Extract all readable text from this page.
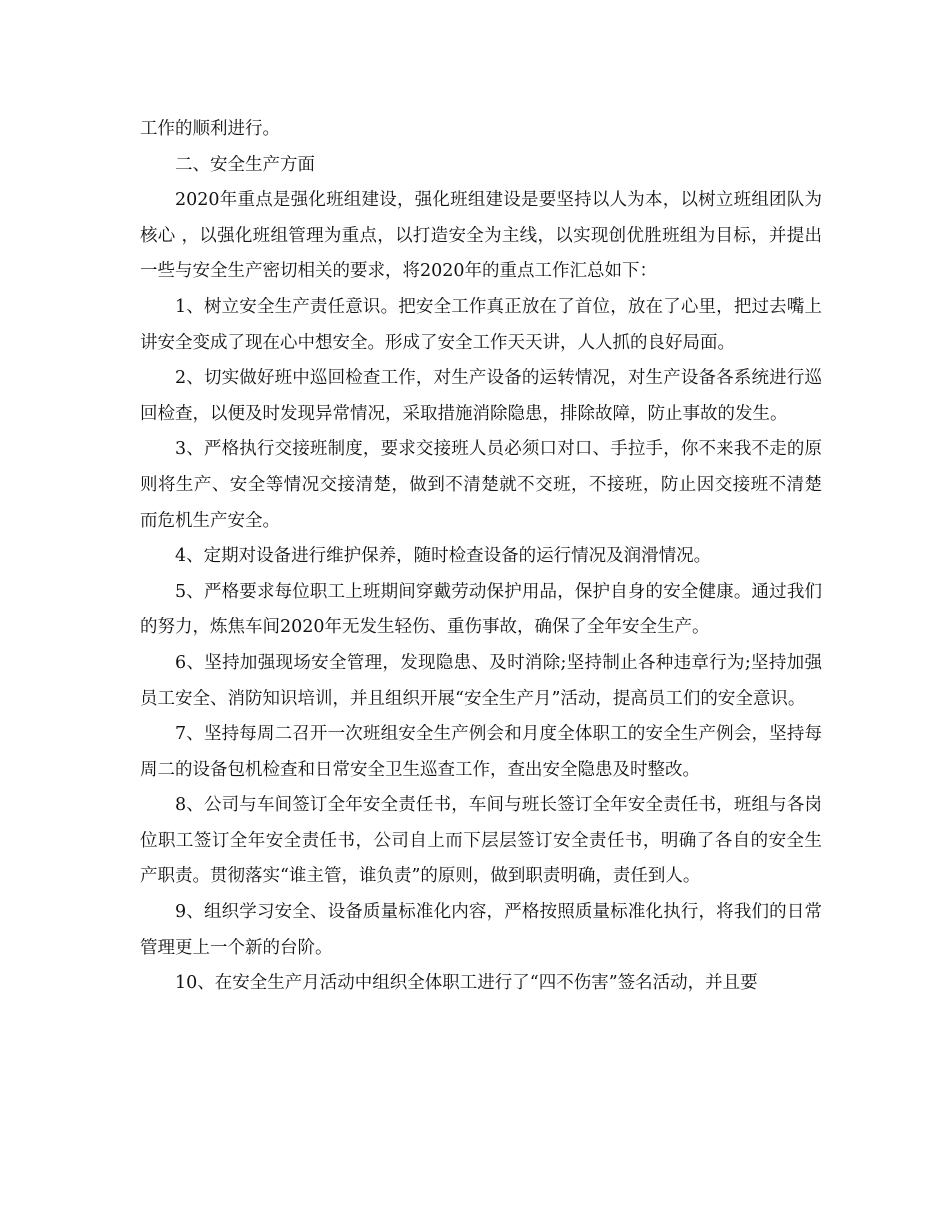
工作的顺利进行。

二、安全生产方面

2020年重点是强化班组建设，强化班组建设是要坚持以人为本，以树立班组团队为核心 ，以强化班组管理为重点，以打造安全为主线，以实现创优胜班组为目标，并提出一些与安全生产密切相关的要求，将2020年的重点工作汇总如下：

1、树立安全生产责任意识。把安全工作真正放在了首位，放在了心里，把过去嘴上讲安全变成了现在心中想安全。形成了安全工作天天讲，人人抓的良好局面。

2、切实做好班中巡回检查工作，对生产设备的运转情况，对生产设备各系统进行巡回检查，以便及时发现异常情况，采取措施消除隐患，排除故障，防止事故的发生。

3、严格执行交接班制度，要求交接班人员必须口对口、手拉手，你不来我不走的原则将生产、安全等情况交接清楚，做到不清楚就不交班，不接班，防止因交接班不清楚而危机生产安全。

4、定期对设备进行维护保养，随时检查设备的运行情况及润滑情况。

5、严格要求每位职工上班期间穿戴劳动保护用品，保护自身的安全健康。通过我们的努力，炼焦车间2020年无发生轻伤、重伤事故，确保了全年安全生产。

6、坚持加强现场安全管理，发现隐患、及时消除;坚持制止各种违章行为;坚持加强员工安全、消防知识培训，并且组织开展“安全生产月”活动，提高员工们的安全意识。

7、坚持每周二召开一次班组安全生产例会和月度全体职工的安全生产例会，坚持每周二的设备包机检查和日常安全卫生巡查工作，查出安全隐患及时整改。

8、公司与车间签订全年安全责任书，车间与班长签订全年安全责任书，班组与各岗位职工签订全年安全责任书，公司自上而下层层签订安全责任书，明确了各自的安全生产职责。贯彻落实“谁主管，谁负责”的原则，做到职责明确，责任到人。

9、组织学习安全、设备质量标准化内容，严格按照质量标准化执行，将我们的日常管理更上一个新的台阶。

10、在安全生产月活动中组织全体职工进行了“四不伤害”签名活动，并且要
